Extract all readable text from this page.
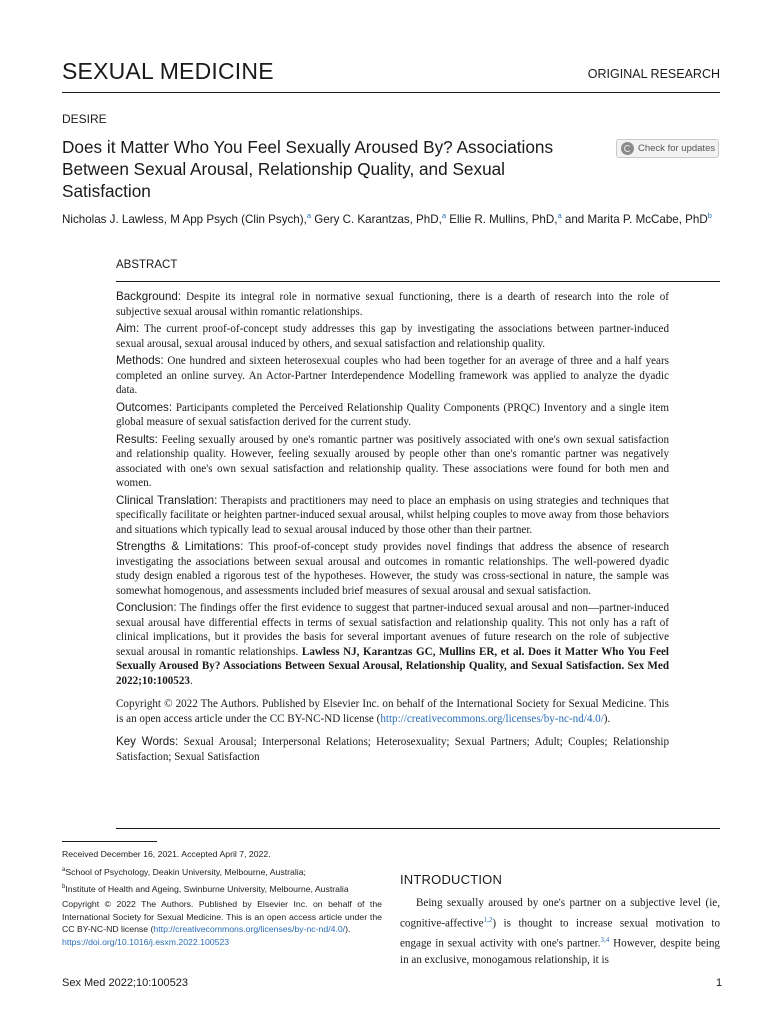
SEXUAL MEDICINE	ORIGINAL RESEARCH
DESIRE
Does it Matter Who You Feel Sexually Aroused By? Associations Between Sexual Arousal, Relationship Quality, and Sexual Satisfaction
Check for updates
Nicholas J. Lawless, M App Psych (Clin Psych),$^a$ Gery C. Karantzas, PhD,$^a$ Ellie R. Mullins, PhD,$^a$ and Marita P. McCabe, PhD$^b$
ABSTRACT

Background: Despite its integral role in normative sexual functioning, there is a dearth of research into the role of subjective sexual arousal within romantic relationships.

Aim: The current proof-of-concept study addresses this gap by investigating the associations between partner-induced sexual arousal, sexual arousal induced by others, and sexual satisfaction and relationship quality.

Methods: One hundred and sixteen heterosexual couples who had been together for an average of three and a half years completed an online survey. An Actor-Partner Interdependence Modelling framework was applied to analyze the dyadic data.

Outcomes: Participants completed the Perceived Relationship Quality Components (PRQC) Inventory and a single item global measure of sexual satisfaction derived for the current study.

Results: Feeling sexually aroused by one's romantic partner was positively associated with one's own sexual satisfaction and relationship quality. However, feeling sexually aroused by people other than one's romantic partner was negatively associated with one's own sexual satisfaction and relationship quality. These associations were found for both men and women.

Clinical Translation: Therapists and practitioners may need to place an emphasis on using strategies and techniques that specifically facilitate or heighten partner-induced sexual arousal, whilst helping couples to move away from those behaviors and situations which typically lead to sexual arousal induced by those other than their partner.

Strengths & Limitations: This proof-of-concept study provides novel findings that address the absence of research investigating the associations between sexual arousal and outcomes in romantic relationships. The well-powered dyadic study design enabled a rigorous test of the hypotheses. However, the study was cross-sectional in nature, the sample was somewhat homogenous, and assessments included brief measures of sexual arousal and sexual satisfaction.

Conclusion: The findings offer the first evidence to suggest that partner-induced sexual arousal and non—partner-induced sexual arousal have differential effects in terms of sexual satisfaction and relationship quality. This not only has a raft of clinical implications, but it provides the basis for several important avenues of future research on the role of subjective sexual arousal in romantic relationships. Lawless NJ, Karantzas GC, Mullins ER, et al. Does it Matter Who You Feel Sexually Aroused By? Associations Between Sexual Arousal, Relationship Quality, and Sexual Satisfaction. Sex Med 2022;10:100523.

Copyright © 2022 The Authors. Published by Elsevier Inc. on behalf of the International Society for Sexual Medicine. This is an open access article under the CC BY-NC-ND license (http://creativecommons.org/licenses/by-nc-nd/4.0/).

Key Words: Sexual Arousal; Interpersonal Relations; Heterosexuality; Sexual Partners; Adult; Couples; Relationship Satisfaction; Sexual Satisfaction

Received December 16, 2021. Accepted April 7, 2022.

$^a$School of Psychology, Deakin University, Melbourne, Australia;

$^b$Institute of Health and Ageing, Swinburne University, Melbourne, Australia

Copyright © 2022 The Authors. Published by Elsevier Inc. on behalf of the International Society for Sexual Medicine. This is an open access article under the CC BY-NC-ND license (http://creativecommons.org/licenses/by-nc-nd/4.0/).
https://doi.org/10.1016/j.esxm.2022.100523

INTRODUCTION
Being sexually aroused by one's partner on a subjective level (ie, cognitive-affective$^{1,2}$) is thought to increase sexual motivation to engage in sexual activity with one's partner.$^{3,4}$ However, despite being in an exclusive, monogamous relationship, it is
Sex Med 2022;10:100523	1
